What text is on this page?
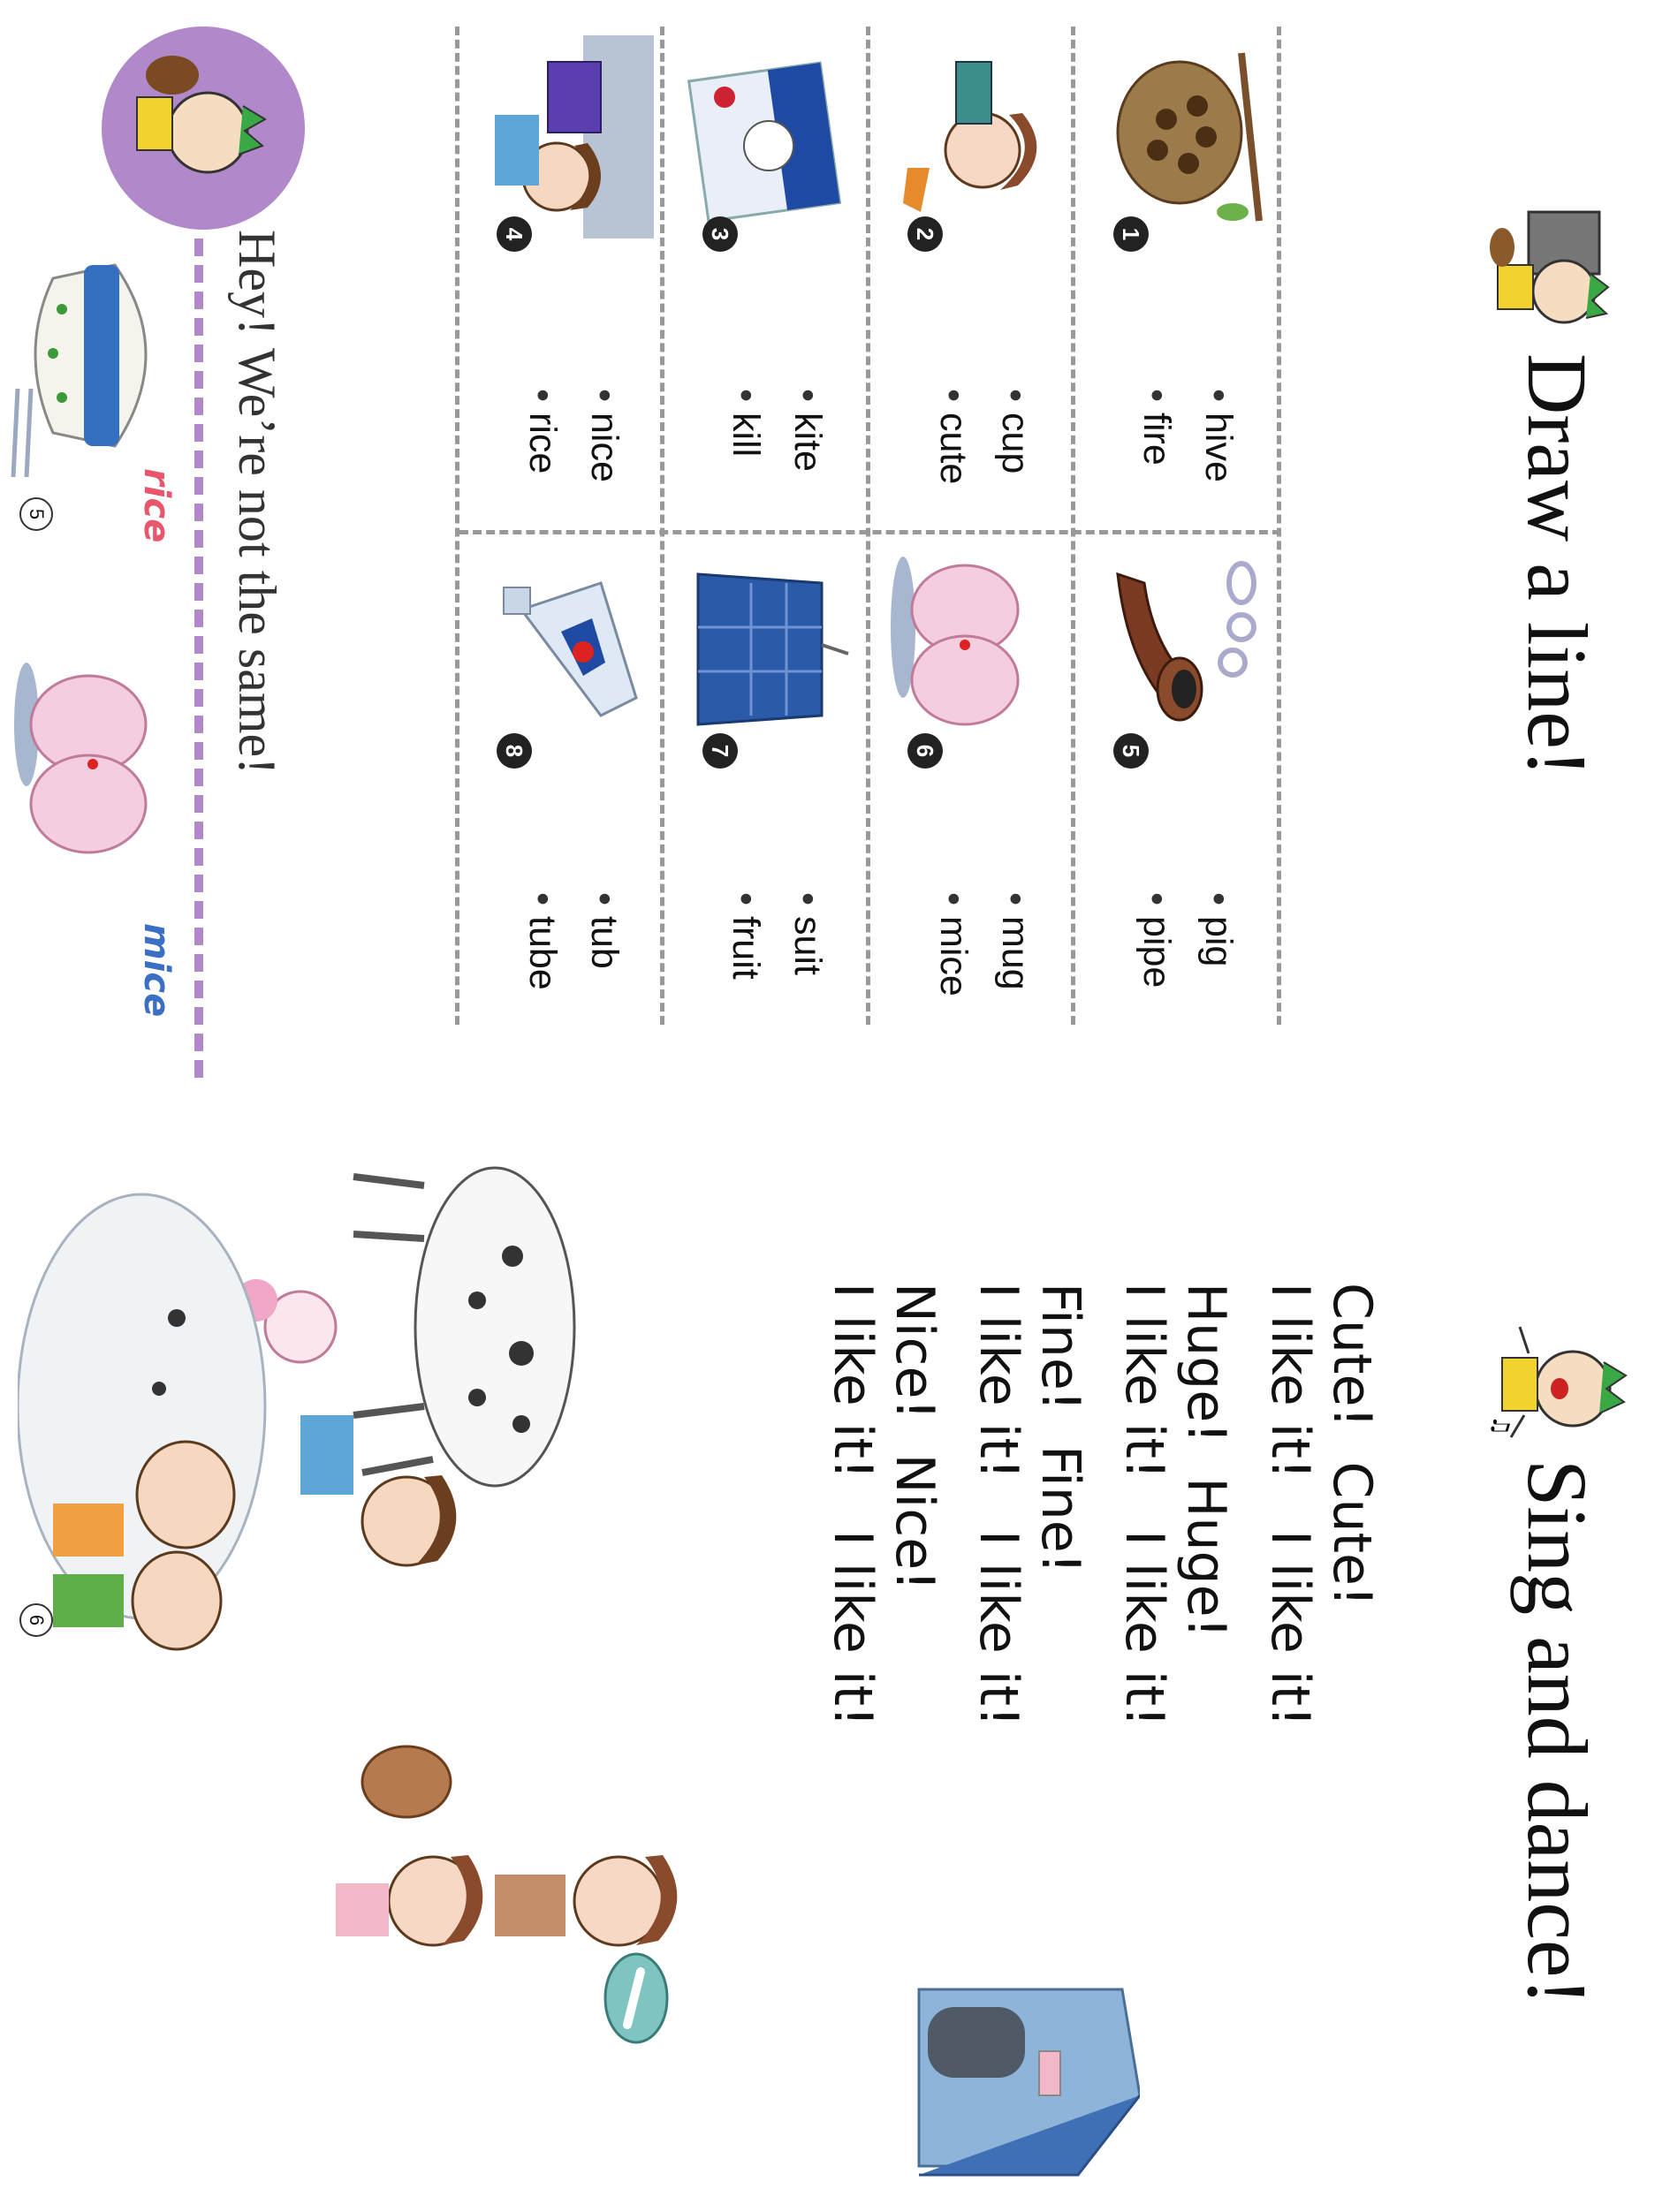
Draw a line!
1
• hive
• fire
5
• pig
• pipe
2
• cup
• cute
6
• mug
• mice
3
• kite
• kill
7
• suit
• fruit
4
• nice
• rice
8
• tub
• tube
Hey! We’re not the same!
rice
mice
5
♫
Sing and dance!
Cute!  Cute!
I like it!   I like it!
Huge!  Huge!
I like it!   I like it!
Fine!  Fine!
I like it!   I like it!
Nice!  Nice!
I like it!   I like it!
6
